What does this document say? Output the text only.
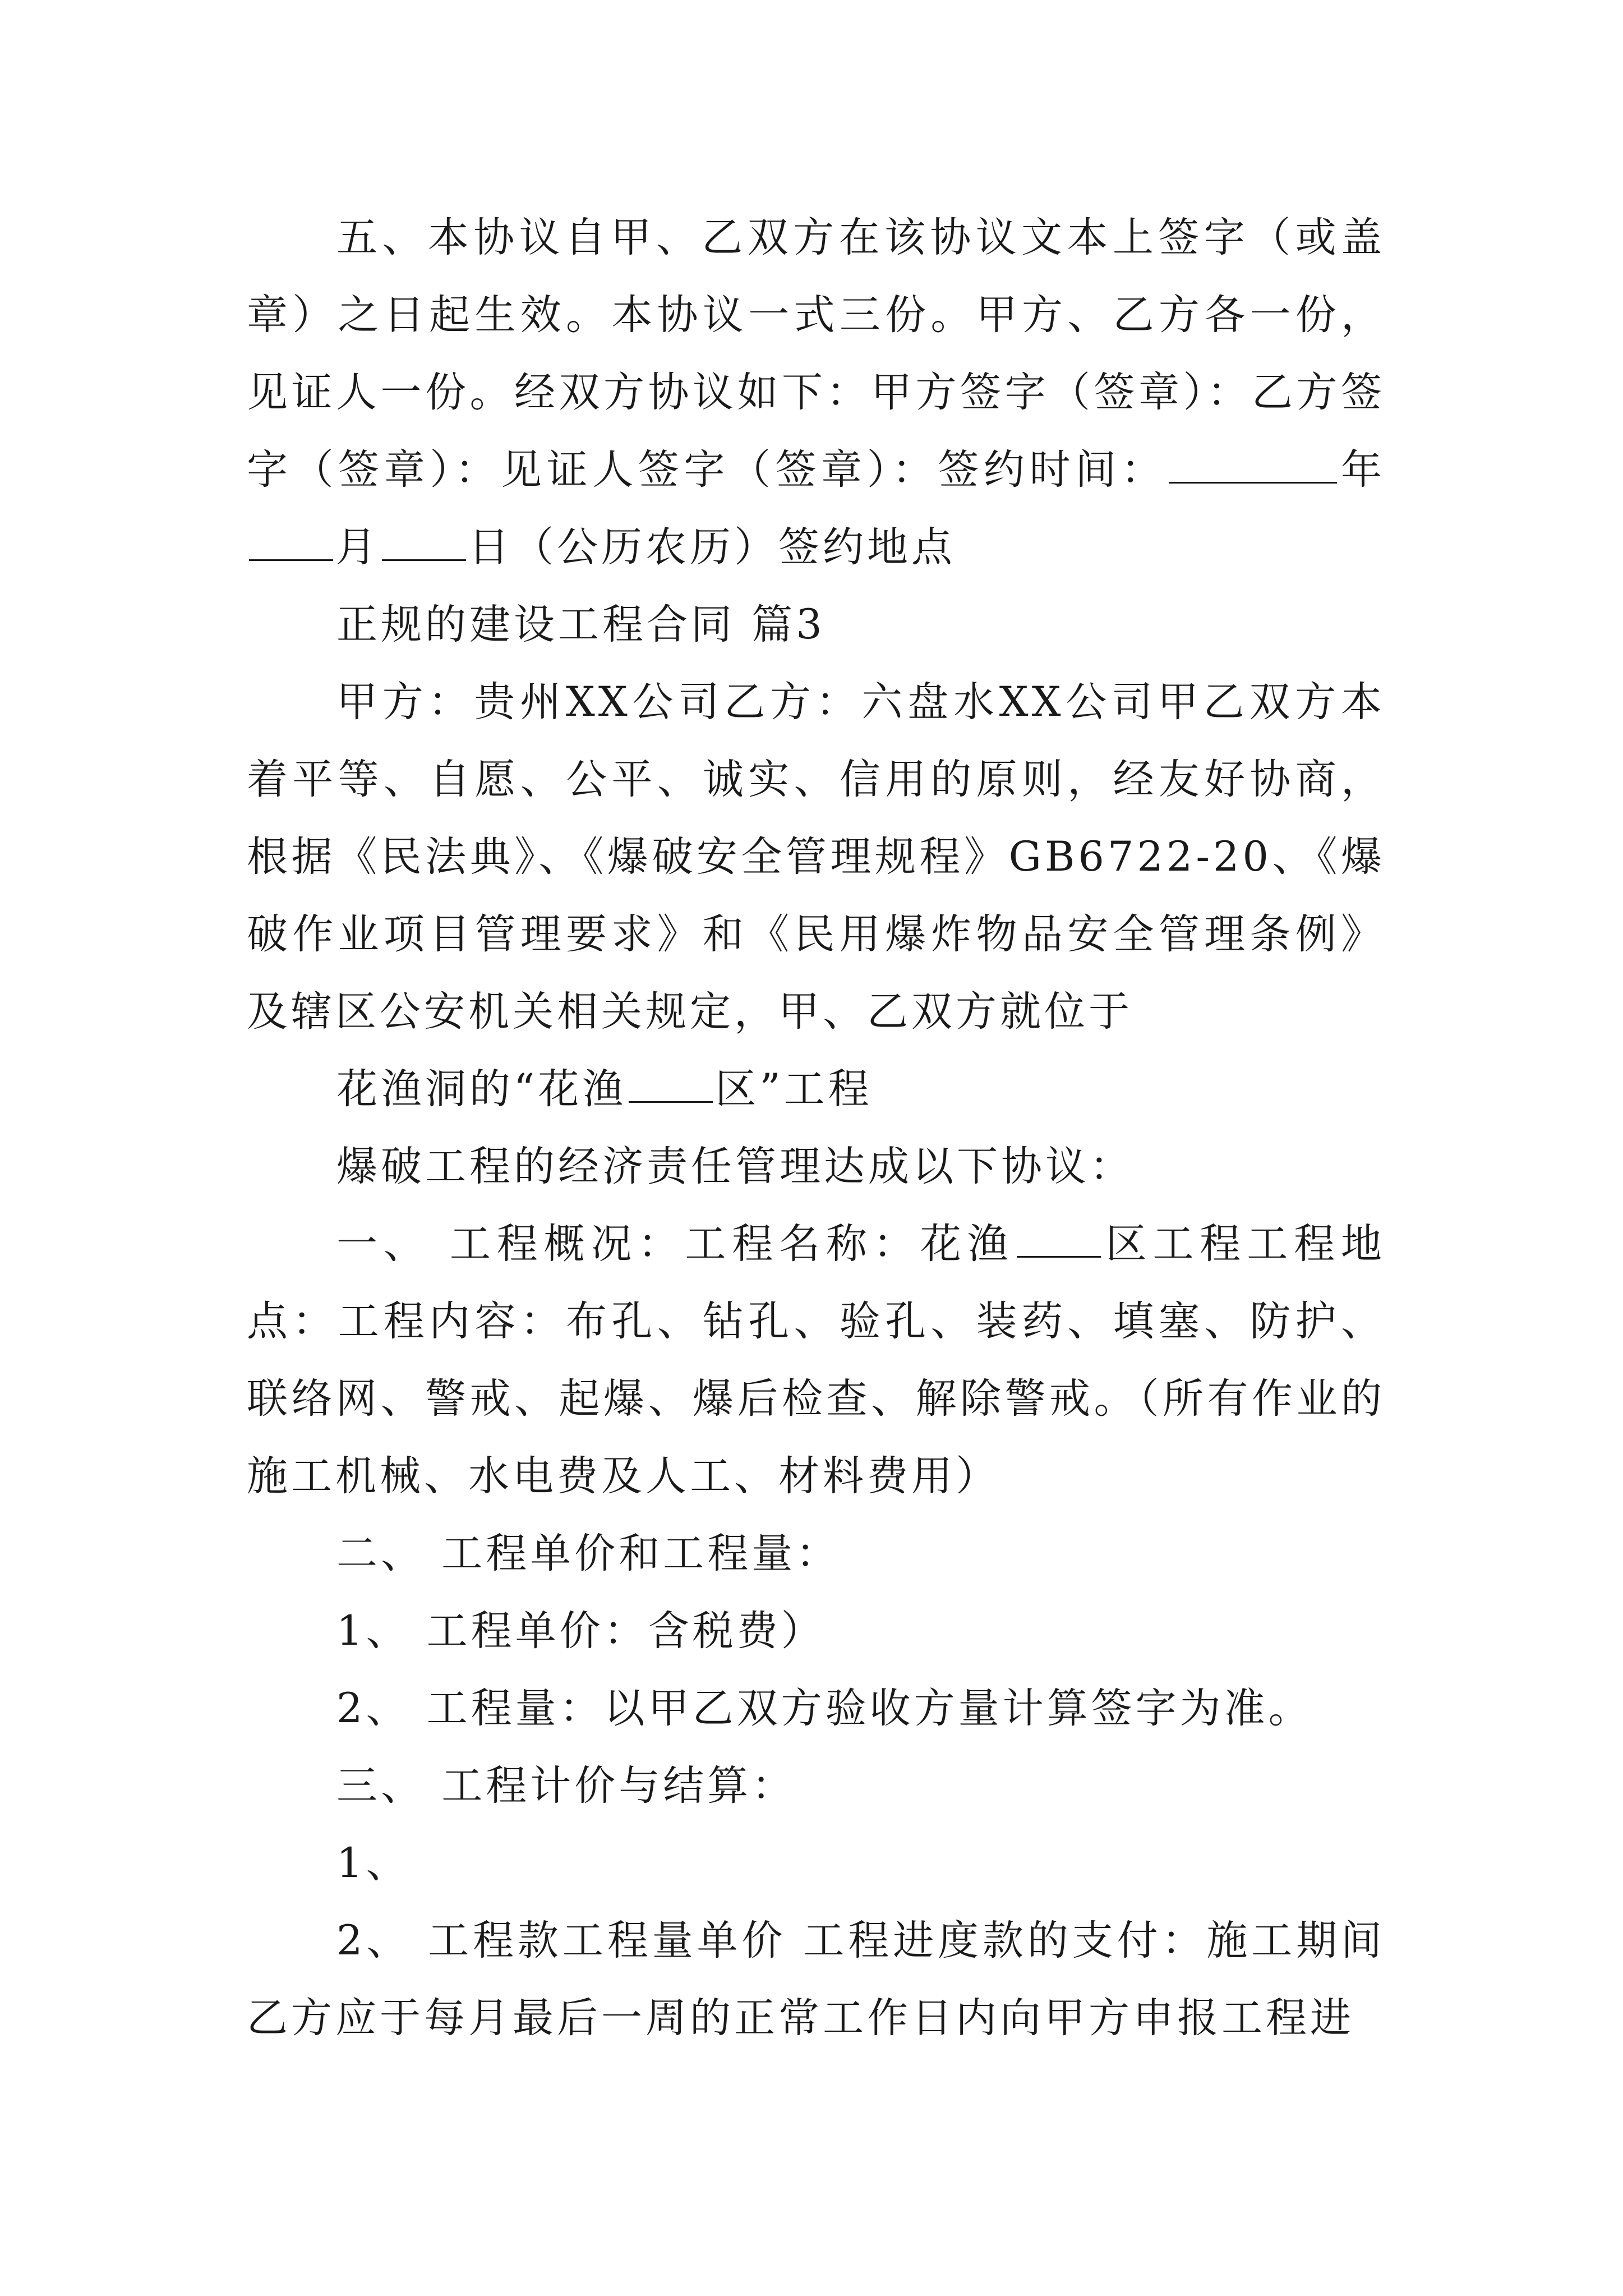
五、本协议自甲、乙双方在该协议文本上签字（或盖章）之日起生效。本协议一式三份。甲方、乙方各一份，见证人一份。经双方协议如下：甲方签字（签章）：乙方签字（签章）：见证人签字（签章）：签约时间：	年月 日（公历农历）签约地点

正规的建设工程合同 篇3

甲方：贵州XX公司乙方：六盘水XX公司甲乙双方本着平等、自愿、公平、诚实、信用的原则，经友好协商，根据《民法典》、《爆破安全管理规程》GB6722-20、《爆破作业项目管理要求》和《民用爆炸物品安全管理条例》及辖区公安机关相关规定，甲、乙双方就位于

花渔洞的“花渔 区”工程

爆破工程的经济责任管理达成以下协议：

一、 工程概况：工程名称：花渔 区工程工程地点：工程内容：布孔、钻孔、验孔、装药、填塞、防护、联络网、警戒、起爆、爆后检查、解除警戒。（所有作业的施工机械、水电费及人工、材料费用）

二、 工程单价和工程量：

1、 工程单价：含税费）

2、 工程量：以甲乙双方验收方量计算签字为准。

三、 工程计价与结算：

1、

2、 工程款工程量单价 工程进度款的支付：施工期间乙方应于每月最后一周的正常工作日内向甲方申报工程进
